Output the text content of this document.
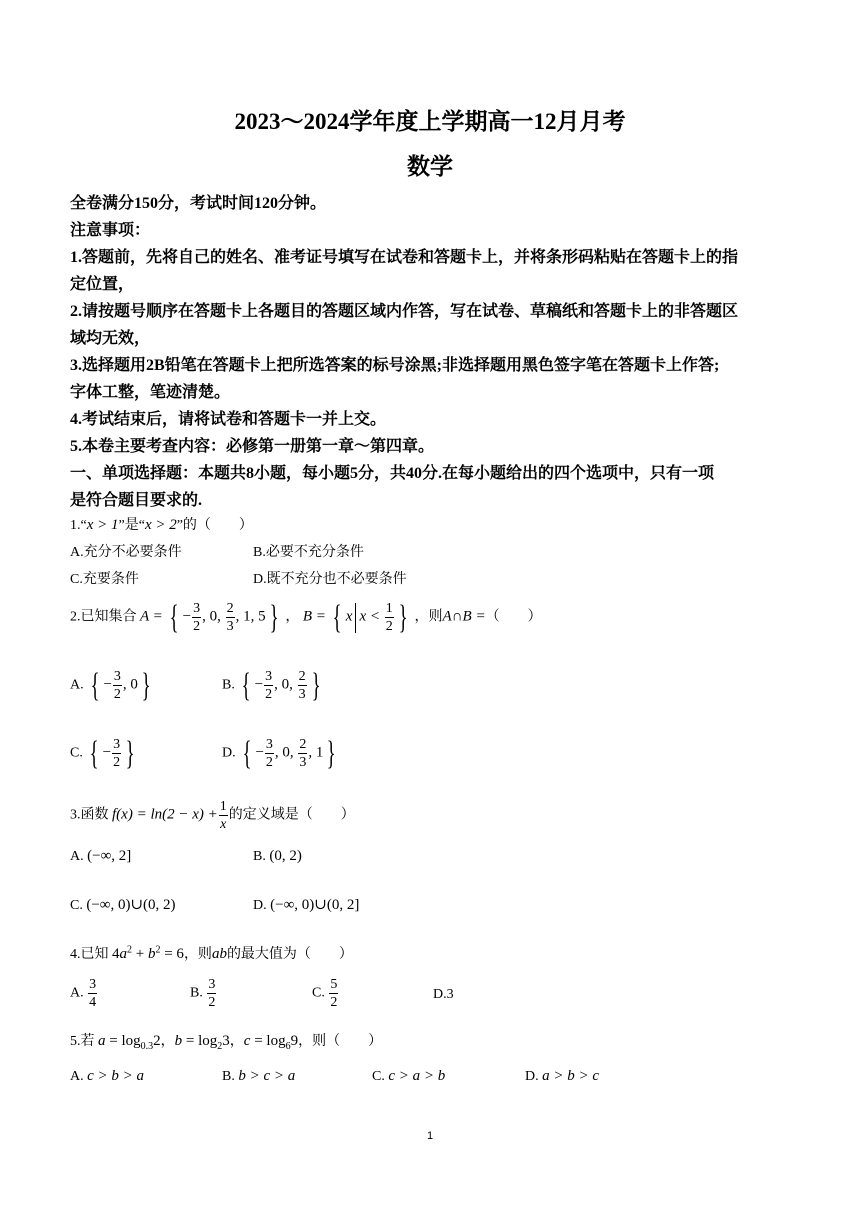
2023～2024学年度上学期高一12月月考
数学
全卷满分150分，考试时间120分钟。
注意事项：
1.答题前，先将自己的姓名、准考证号填写在试卷和答题卡上，并将条形码粘贴在答题卡上的指
定位置，
2.请按题号顺序在答题卡上各题目的答题区域内作答，写在试卷、草稿纸和答题卡上的非答题区
域均无效，
3.选择题用2B铅笔在答题卡上把所选答案的标号涂黑;非选择题用黑色签字笔在答题卡上作答;
字体工整，笔迹清楚。
4.考试结束后，请将试卷和答题卡一并上交。
5.本卷主要考查内容：必修第一册第一章～第四章。
一、单项选择题：本题共8小题，每小题5分，共40分.在每小题给出的四个选项中，只有一项
是符合题目要求的.
1.“x > 1”是“x > 2”的（　　）
A.充分不必要条件	B.必要不充分条件
C.充要条件	D.既不充分也不必要条件
2.已知集合 A = { − $\frac{3}{2}$ , 0, $\frac{2}{3}$ , 1, 5 } ， B = { x $x < \frac{1}{2}$ } ，则A∩B =（　　）
A. { − $\frac{3}{2}$ , 0 }	B. { − $\frac{3}{2}$ , 0, $\frac{2}{3}$ }
C. { − $\frac{3}{2}$ }	D. { − $\frac{3}{2}$ , 0, $\frac{2}{3}$ , 1 }
3.函数 $f(x) = \ln(2 - x) + \frac{1}{x}$ 的定义域是（　　）
A. (−∞, 2]	B. (0, 2)
C. (−∞, 0)∪(0, 2)	D. (−∞, 0)∪(0, 2]
4.已知 $4a^2 + b^2 = 6$，则ab的最大值为（　　）
A. $\frac{3}{4}$	B. $\frac{3}{2}$	C. $\frac{5}{2}$	D.3
5.若 $a = \log_{0.3}2$，$b = \log_23$，$c = \log_69$，则（　　）
A. c > b > a	B. b > c > a	C. c > a > b	D. a > b > c
1
